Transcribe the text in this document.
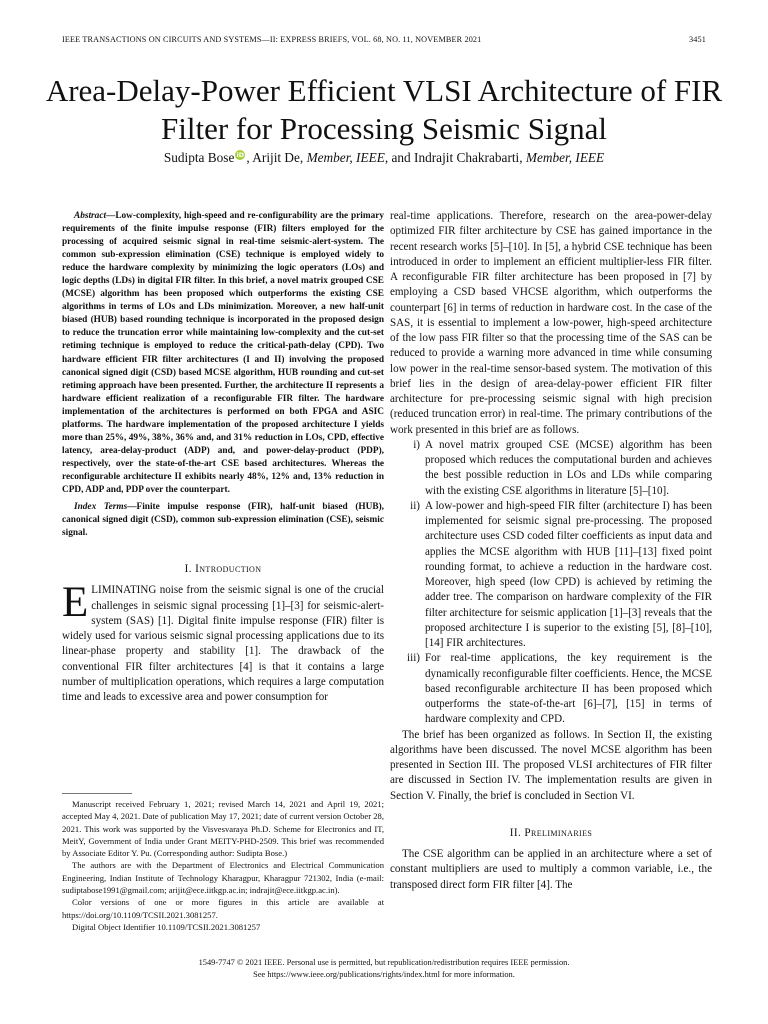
IEEE TRANSACTIONS ON CIRCUITS AND SYSTEMS—II: EXPRESS BRIEFS, VOL. 68, NO. 11, NOVEMBER 2021	3451
Area-Delay-Power Efficient VLSI Architecture of FIR Filter for Processing Seismic Signal
Sudipta Bose iD , Arijit De, Member, IEEE, and Indrajit Chakrabarti, Member, IEEE

Abstract—Low-complexity, high-speed and re-configurability are the primary requirements of the finite impulse response (FIR) filters employed for the processing of acquired seismic signal in real-time seismic-alert-system. The common sub-expression elimination (CSE) technique is employed widely to reduce the hardware complexity by minimizing the logic operators (LOs) and logic depths (LDs) in digital FIR filter. In this brief, a novel matrix grouped CSE (MCSE) algorithm has been proposed which outperforms the existing CSE algorithms in terms of LOs and LDs minimization. Moreover, a new half-unit biased (HUB) based rounding technique is incorporated in the proposed design to reduce the truncation error while maintaining low-complexity and the cut-set retiming technique is employed to reduce the critical-path-delay (CPD). Two hardware efficient FIR filter architectures (I and II) involving the proposed canonical signed digit (CSD) based MCSE algorithm, HUB rounding and cut-set retiming approach have been presented. Further, the architecture II represents a hardware efficient realization of a reconfigurable FIR filter. The hardware implementation of the architectures is performed on both FPGA and ASIC platforms. The hardware implementation of the proposed architecture I yields more than 25%, 49%, 38%, 36% and, and 31% reduction in LOs, CPD, effective latency, area-delay-product (ADP) and, and power-delay-product (PDP), respectively, over the state-of-the-art CSE based architectures. Whereas the reconfigurable architecture II exhibits nearly 48%, 12% and, 13% reduction in CPD, ADP and, PDP over the counterpart.

Index Terms—Finite impulse response (FIR), half-unit biased (HUB), canonical signed digit (CSD), common sub-expression elimination (CSE), seismic signal.

I. Introduction

ELIMINATING noise from the seismic signal is one of the crucial challenges in seismic signal processing [1]–[3] for seismic-alert-system (SAS) [1]. Digital finite impulse response (FIR) filter is widely used for various seismic signal processing applications due to its linear-phase property and stability [1]. The drawback of the conventional FIR filter architectures [4] is that it contains a large number of multiplication operations, which requires a large computation time and leads to excessive area and power consumption for

Manuscript received February 1, 2021; revised March 14, 2021 and April 19, 2021; accepted May 4, 2021. Date of publication May 17, 2021; date of current version October 28, 2021. This work was supported by the Visvesvaraya Ph.D. Scheme for Electronics and IT, MeitY, Government of India under Grant MEITY-PHD-2509. This brief was recommended by Associate Editor Y. Pu. (Corresponding author: Sudipta Bose.)

The authors are with the Department of Electronics and Electrical Communication Engineering, Indian Institute of Technology Kharagpur, Kharagpur 721302, India (e-mail: sudiptabose1991@gmail.com; arijit@ece.iitkgp.ac.in; indrajit@ece.iitkgp.ac.in).

Color versions of one or more figures in this article are available at https://doi.org/10.1109/TCSII.2021.3081257.

Digital Object Identifier 10.1109/TCSII.2021.3081257

real-time applications. Therefore, research on the area-power-delay optimized FIR filter architecture by CSE has gained importance in the recent research works [5]–[10]. In [5], a hybrid CSE technique has been introduced in order to implement an efficient multiplier-less FIR filter. A reconfigurable FIR filter architecture has been proposed in [7] by employing a CSD based VHCSE algorithm, which outperforms the counterpart [6] in terms of reduction in hardware cost. In the case of the SAS, it is essential to implement a low-power, high-speed architecture of the low pass FIR filter so that the processing time of the SAS can be reduced to provide a warning more advanced in time while consuming low power in the real-time sensor-based system. The motivation of this brief lies in the design of area-delay-power efficient FIR filter architecture for pre-processing seismic signal with high precision (reduced truncation error) in real-time. The primary contributions of the work presented in this brief are as follows.

i) A novel matrix grouped CSE (MCSE) algorithm has been proposed which reduces the computational burden and achieves the best possible reduction in LOs and LDs while comparing with the existing CSE algorithms in literature [5]–[10].
ii) A low-power and high-speed FIR filter (architecture I) has been implemented for seismic signal pre-processing. The proposed architecture uses CSD coded filter coefficients as input data and applies the MCSE algorithm with HUB [11]–[13] fixed point rounding format, to achieve a reduction in the hardware cost. Moreover, high speed (low CPD) is achieved by retiming the adder tree. The comparison on hardware complexity of the FIR filter architecture for seismic application [1]–[3] reveals that the proposed architecture I is superior to the existing [5], [8]–[10], [14] FIR architectures.
iii) For real-time applications, the key requirement is the dynamically reconfigurable filter coefficients. Hence, the MCSE based reconfigurable architecture II has been proposed which outperforms the state-of-the-art [6]–[7], [15] in terms of hardware complexity and CPD.

The brief has been organized as follows. In Section II, the existing algorithms have been discussed. The novel MCSE algorithm has been presented in Section III. The proposed VLSI architectures of FIR filter are discussed in Section IV. The implementation results are given in Section V. Finally, the brief is concluded in Section VI.

II. Preliminaries

The CSE algorithm can be applied in an architecture where a set of constant multipliers are used to multiply a common variable, i.e., the transposed direct form FIR filter [4]. The

1549-7747 © 2021 IEEE. Personal use is permitted, but republication/redistribution requires IEEE permission.
See https://www.ieee.org/publications/rights/index.html for more information.
